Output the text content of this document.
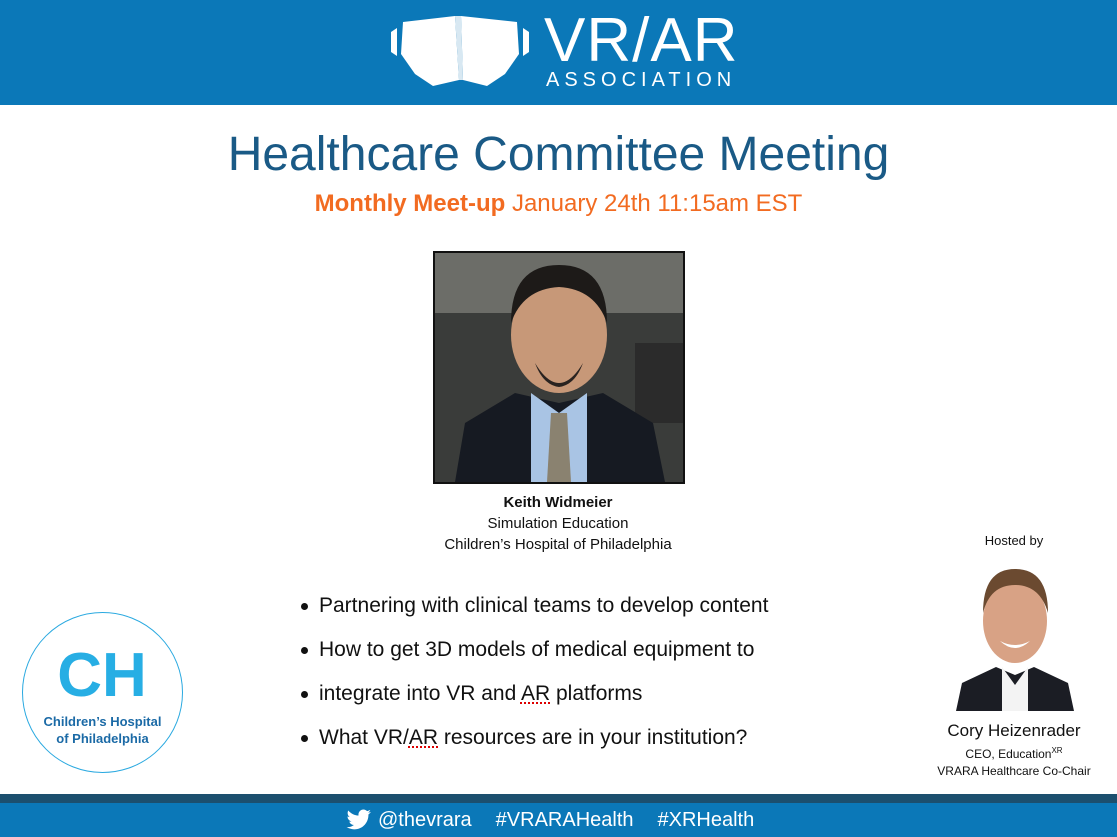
VR/AR
ASSOCIATION
Healthcare Committee Meeting
Monthly Meet-up January 24th 11:15am EST
Keith Widmeier
Simulation Education
Children’s Hospital of Philadelphia
Partnering with clinical teams to develop content
How to get 3D models of medical equipment to
integrate into VR and AR platforms
What VR/AR resources are in your institution?
CH
Children’s Hospital
of Philadelphia
Hosted by
Cory Heizenrader
CEO, Education$^{XR}$
VRARA Healthcare Co-Chair
@thevrara #VRARAHealth #XRHealth
